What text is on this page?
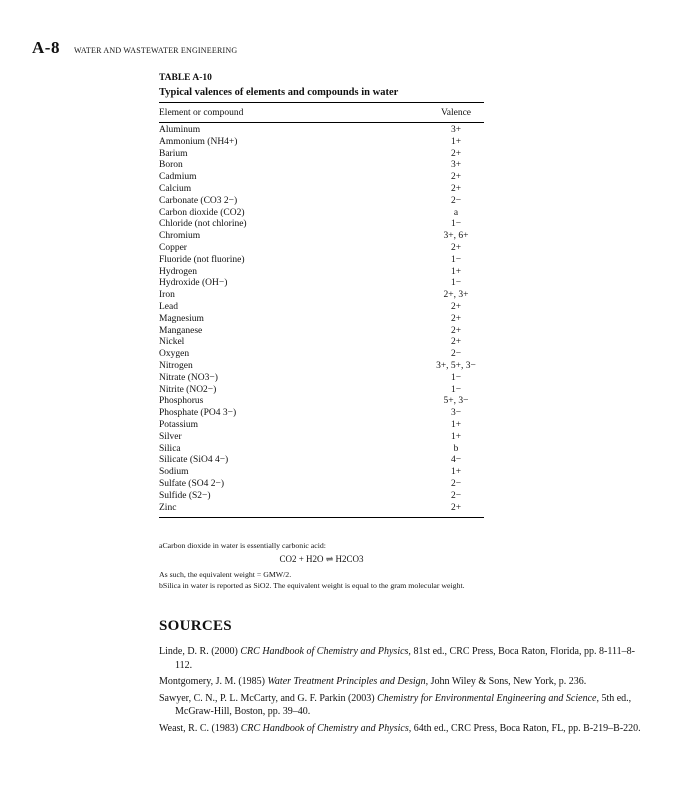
A-8 WATER AND WASTEWATER ENGINEERING
TABLE A-10
Typical valences of elements and compounds in water
Element or compound	Valence
Aluminum	3+
Ammonium (NH4+)	1+
Barium	2+
Boron	3+
Cadmium	2+
Calcium	2+
Carbonate (CO3 2−)	2−
Carbon dioxide (CO2)	a
Chloride (not chlorine)	1−
Chromium	3+, 6+
Copper	2+
Fluoride (not fluorine)	1−
Hydrogen	1+
Hydroxide (OH−)	1−
Iron	2+, 3+
Lead	2+
Magnesium	2+
Manganese	2+
Nickel	2+
Oxygen	2−
Nitrogen	3+, 5+, 3−
Nitrate (NO3−)	1−
Nitrite (NO2−)	1−
Phosphorus	5+, 3−
Phosphate (PO4 3−)	3−
Potassium	1+
Silver	1+
Silica	b
Silicate (SiO4 4−)	4−
Sodium	1+
Sulfate (SO4 2−)	2−
Sulfide (S2−)	2−
Zinc	2+
aCarbon dioxide in water is essentially carbonic acid:
CO2 + H2O ⇌ H2CO3
As such, the equivalent weight = GMW/2.
bSilica in water is reported as SiO2. The equivalent weight is equal to the gram molecular weight.
SOURCES
Linde, D. R. (2000) CRC Handbook of Chemistry and Physics, 81st ed., CRC Press, Boca Raton, Florida, pp. 8-111–8-112.
Montgomery, J. M. (1985) Water Treatment Principles and Design, John Wiley & Sons, New York, p. 236.
Sawyer, C. N., P. L. McCarty, and G. F. Parkin (2003) Chemistry for Environmental Engineering and Science, 5th ed., McGraw-Hill, Boston, pp. 39–40.
Weast, R. C. (1983) CRC Handbook of Chemistry and Physics, 64th ed., CRC Press, Boca Raton, FL, pp. B-219–B-220.
